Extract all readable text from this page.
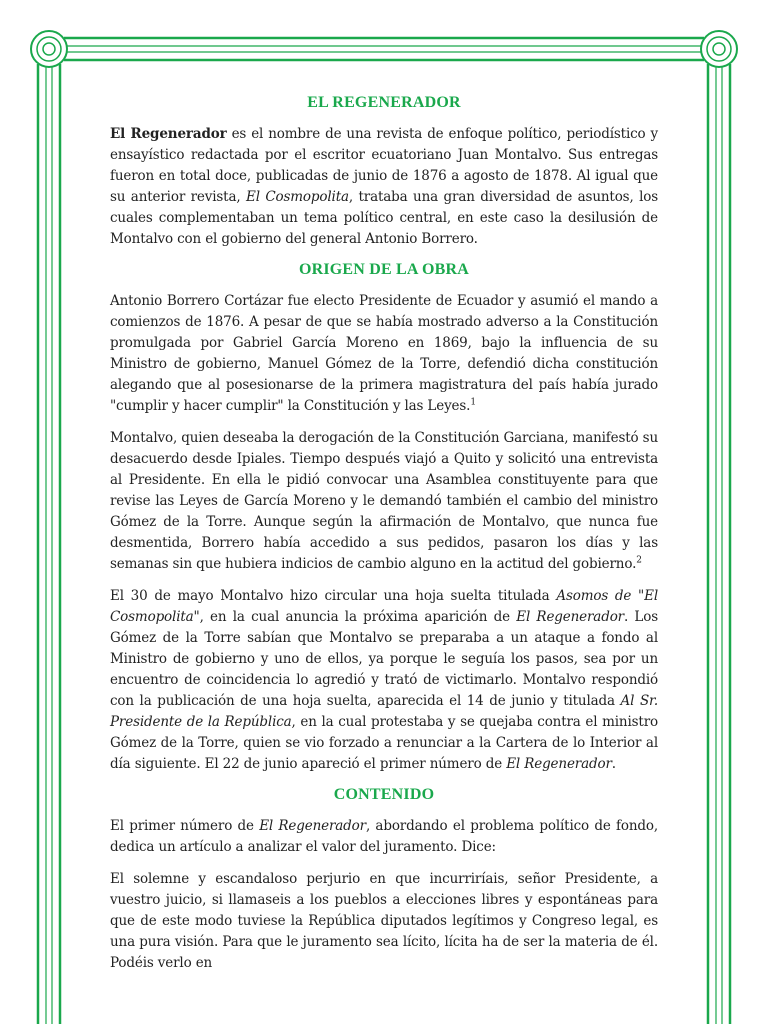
EL REGENERADOR

El Regenerador es el nombre de una revista de enfoque político, periodístico y ensayístico redactada por el escritor ecuatoriano Juan Montalvo. Sus entregas fueron en total doce, publicadas de junio de 1876 a agosto de 1878. Al igual que su anterior revista, El Cosmopolita, trataba una gran diversidad de asuntos, los cuales complementaban un tema político central, en este caso la desilusión de Montalvo con el gobierno del general Antonio Borrero.

ORIGEN DE LA OBRA

Antonio Borrero Cortázar fue electo Presidente de Ecuador y asumió el mando a comienzos de 1876. A pesar de que se había mostrado adverso a la Constitución promulgada por Gabriel García Moreno en 1869, bajo la influencia de su Ministro de gobierno, Manuel Gómez de la Torre, defendió dicha constitución alegando que al posesionarse de la primera magistratura del país había jurado "cumplir y hacer cumplir" la Constitución y las Leyes.$^1$

Montalvo, quien deseaba la derogación de la Constitución Garciana, manifestó su desacuerdo desde Ipiales. Tiempo después viajó a Quito y solicitó una entrevista al Presidente. En ella le pidió convocar una Asamblea constituyente para que revise las Leyes de García Moreno y le demandó también el cambio del ministro Gómez de la Torre. Aunque según la afirmación de Montalvo, que nunca fue desmentida, Borrero había accedido a sus pedidos, pasaron los días y las semanas sin que hubiera indicios de cambio alguno en la actitud del gobierno.$^2$

El 30 de mayo Montalvo hizo circular una hoja suelta titulada Asomos de "El Cosmopolita", en la cual anuncia la próxima aparición de El Regenerador. Los Gómez de la Torre sabían que Montalvo se preparaba a un ataque a fondo al Ministro de gobierno y uno de ellos, ya porque le seguía los pasos, sea por un encuentro de coincidencia lo agredió y trató de victimarlo. Montalvo respondió con la publicación de una hoja suelta, aparecida el 14 de junio y titulada Al Sr. Presidente de la República, en la cual protestaba y se quejaba contra el ministro Gómez de la Torre, quien se vio forzado a renunciar a la Cartera de lo Interior al día siguiente. El 22 de junio apareció el primer número de El Regenerador.

CONTENIDO

El primer número de El Regenerador, abordando el problema político de fondo, dedica un artículo a analizar el valor del juramento. Dice:

El solemne y escandaloso perjurio en que incurriríais, señor Presidente, a vuestro juicio, si llamaseis a los pueblos a elecciones libres y espontáneas para que de este modo tuviese la República diputados legítimos y Congreso legal, es una pura visión. Para que le juramento sea lícito, lícita ha de ser la materia de él. Podéis verlo en
